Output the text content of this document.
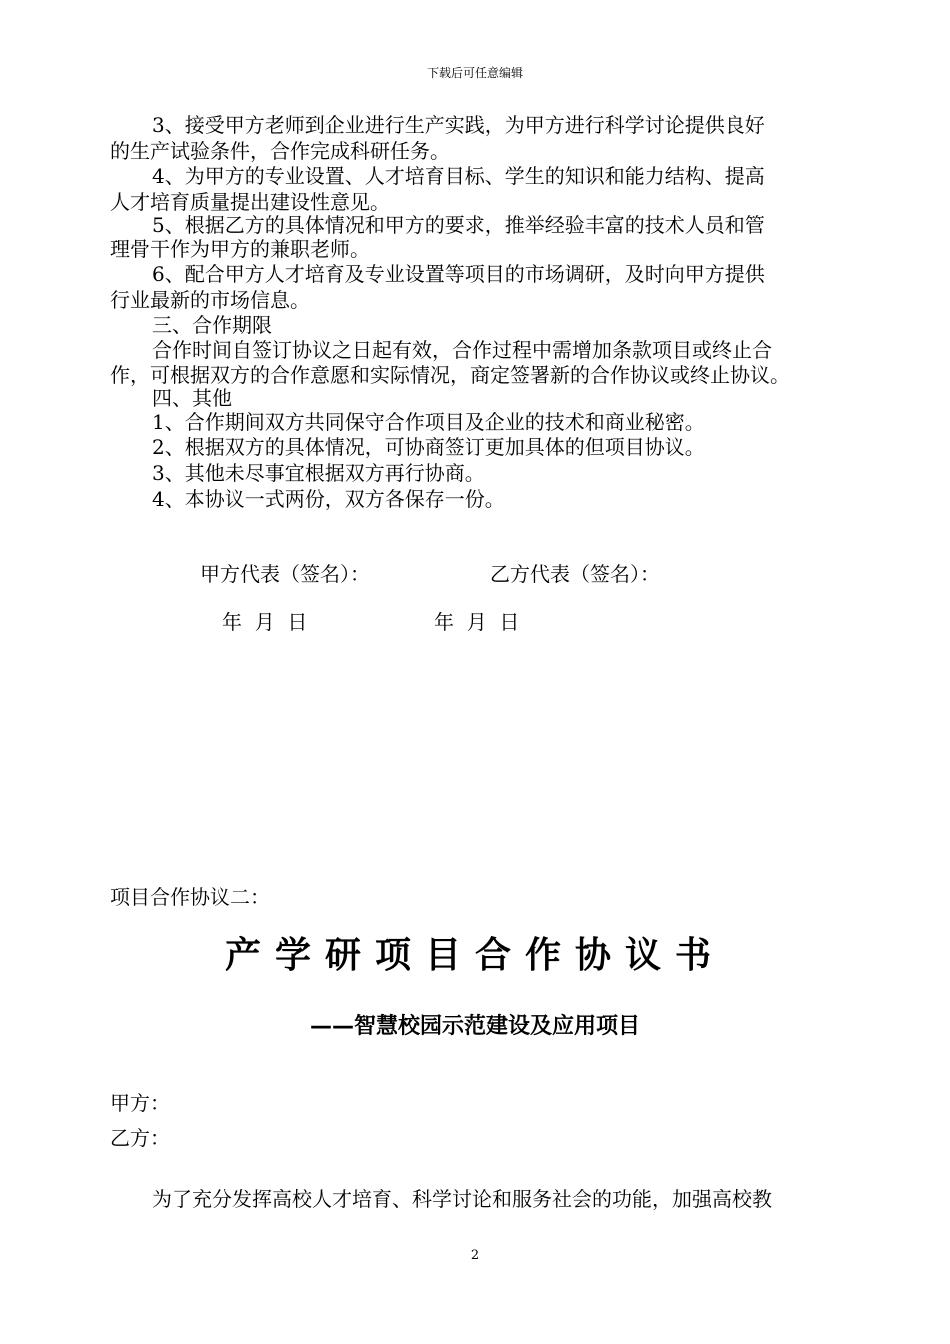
下载后可任意编辑
3、接受甲方老师到企业进行生产实践，为甲方进行科学讨论提供良好
的生产试验条件，合作完成科研任务。
4、为甲方的专业设置、人才培育目标、学生的知识和能力结构、提高
人才培育质量提出建设性意见。
5、根据乙方的具体情况和甲方的要求，推举经验丰富的技术人员和管
理骨干作为甲方的兼职老师。
6、配合甲方人才培育及专业设置等项目的市场调研，及时向甲方提供
行业最新的市场信息。
三、合作期限
合作时间自签订协议之日起有效，合作过程中需增加条款项目或终止合
作，可根据双方的合作意愿和实际情况，商定签署新的合作协议或终止协议。
四、其他
1、合作期间双方共同保守合作项目及企业的技术和商业秘密。
2、根据双方的具体情况，可协商签订更加具体的但项目协议。
3、其他未尽事宜根据双方再行协商。
4、本协议一式两份，双方各保存一份。
甲方代表（签名）：	乙方代表（签名）：
年  月  日	年  月  日
项目合作协议二：
产学研项目合作协议书
——智慧校园示范建设及应用项目
甲方：
乙方：
为了充分发挥高校人才培育、科学讨论和服务社会的功能，加强高校教
2
